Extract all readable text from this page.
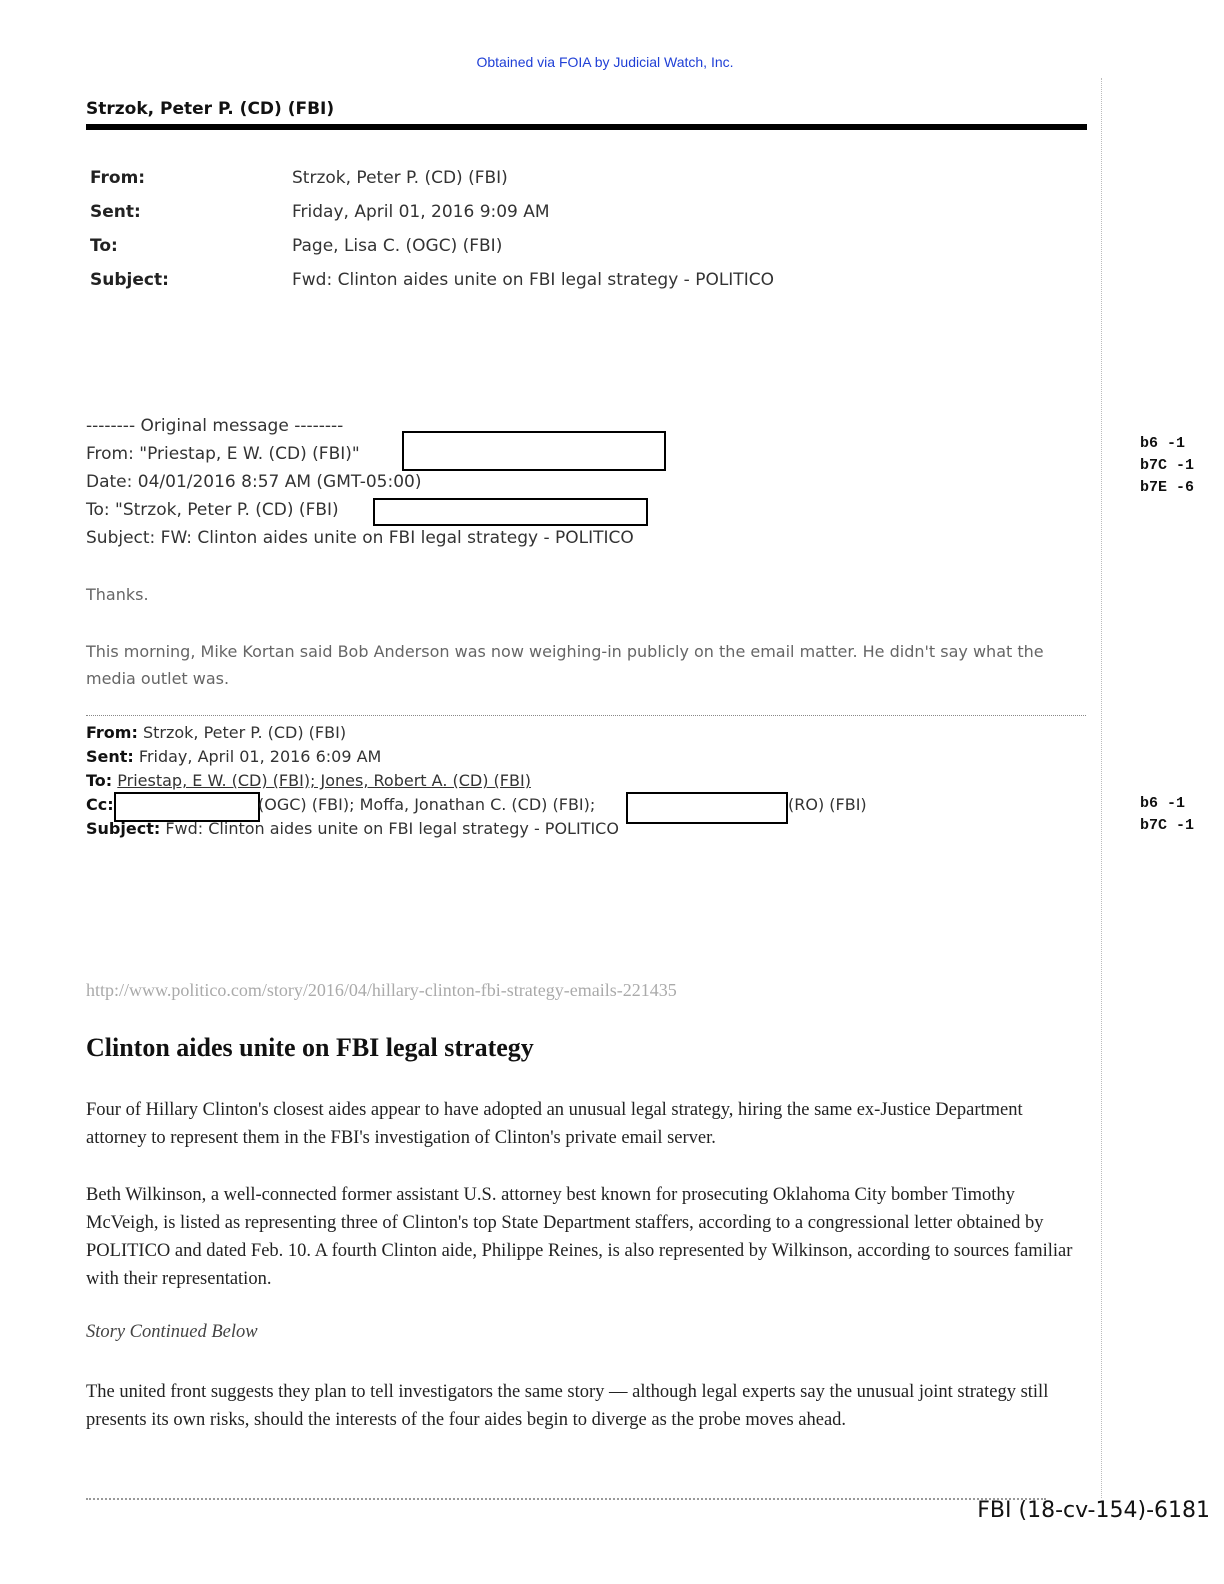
Obtained via FOIA by Judicial Watch, Inc.
Strzok, Peter P. (CD) (FBI)
From:	Strzok, Peter P. (CD) (FBI)
Sent:	Friday, April 01, 2016 9:09 AM
To:	Page, Lisa C. (OGC) (FBI)
Subject:	Fwd: Clinton aides unite on FBI legal strategy - POLITICO
-------- Original message --------
From: "Priestap, E W. (CD) (FBI)"
Date: 04/01/2016 8:57 AM (GMT-05:00)
To: "Strzok, Peter P. (CD) (FBI)
Subject: FW: Clinton aides unite on FBI legal strategy - POLITICO
b6 -1
b7C -1
b7E -6
Thanks.
This morning, Mike Kortan said Bob Anderson was now weighing-in publicly on the email matter. He didn't say what the media outlet was.
From: Strzok, Peter P. (CD) (FBI)
Sent: Friday, April 01, 2016 6:09 AM
To: Priestap, E W. (CD) (FBI); Jones, Robert A. (CD) (FBI)
Cc:	(OGC) (FBI); Moffa, Jonathan C. (CD) (FBI);	(RO) (FBI)
Subject: Fwd: Clinton aides unite on FBI legal strategy - POLITICO
b6 -1
b7C -1
http://www.politico.com/story/2016/04/hillary-clinton-fbi-strategy-emails-221435
Clinton aides unite on FBI legal strategy
Four of Hillary Clinton's closest aides appear to have adopted an unusual legal strategy, hiring the same ex-Justice Department attorney to represent them in the FBI's investigation of Clinton's private email server.
Beth Wilkinson, a well-connected former assistant U.S. attorney best known for prosecuting Oklahoma City bomber Timothy McVeigh, is listed as representing three of Clinton's top State Department staffers, according to a congressional letter obtained by POLITICO and dated Feb. 10. A fourth Clinton aide, Philippe Reines, is also represented by Wilkinson, according to sources familiar with their representation.
Story Continued Below
The united front suggests they plan to tell investigators the same story — although legal experts say the unusual joint strategy still presents its own risks, should the interests of the four aides begin to diverge as the probe moves ahead.
FBI (18-cv-154)-6181
